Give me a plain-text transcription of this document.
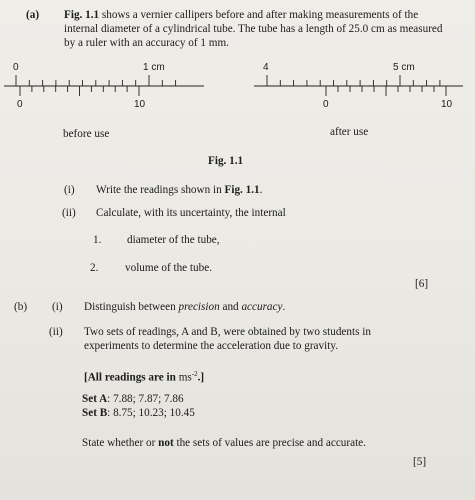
(a) Fig. 1.1 shows a vernier callipers before and after making measurements of the
internal diameter of a cylindrical tube. The tube has a length of 25.0 cm as measured
by a ruler with an accuracy of 1 mm.
0	1 cm
0	10
before use
4	5 cm
0	10
after use
Fig. 1.1
(i) Write the readings shown in Fig. 1.1.
(ii) Calculate, with its uncertainty, the internal
1. diameter of the tube,
2. volume of the tube.
[6]
(b) (i) Distinguish between precision and accuracy.
(ii) Two sets of readings, A and B, were obtained by two students in
experiments to determine the acceleration due to gravity.
[All readings are in $ms^{-2}$.]
Set A: 7.88; 7.87; 7.86
Set B: 8.75; 10.23; 10.45
State whether or not the sets of values are precise and accurate.
[5]
